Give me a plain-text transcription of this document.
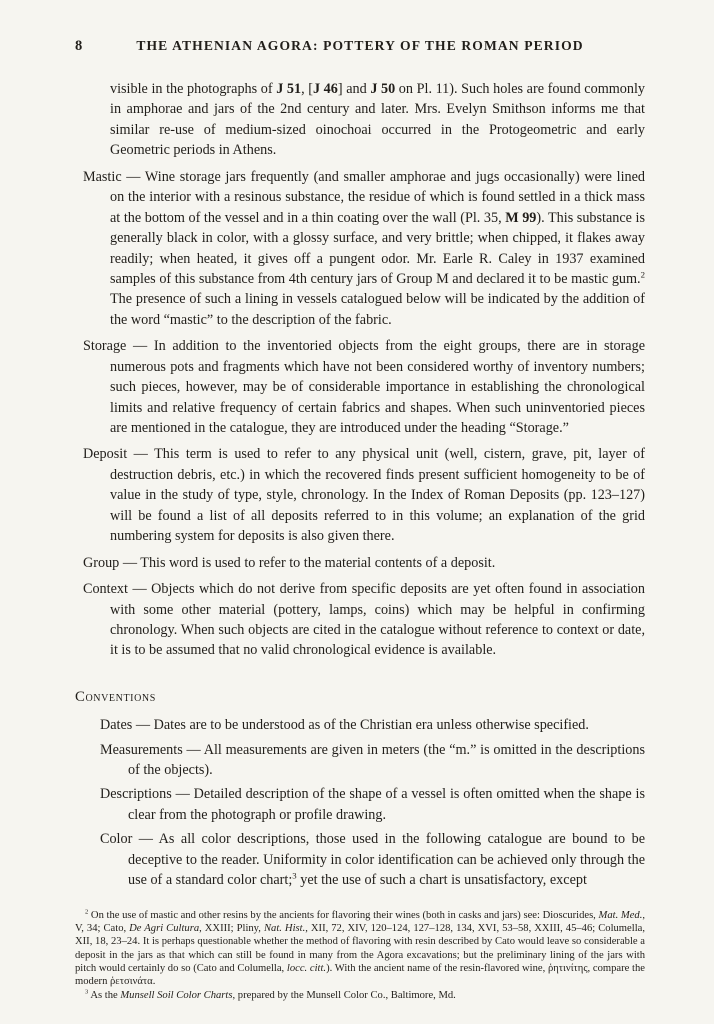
8	THE ATHENIAN AGORA: POTTERY OF THE ROMAN PERIOD

visible in the photographs of J 51, [J 46] and J 50 on Pl. 11). Such holes are found commonly in amphorae and jars of the 2nd century and later. Mrs. Evelyn Smithson informs me that similar re-use of medium-sized oinochoai occurred in the Protogeometric and early Geometric periods in Athens.

Mastic — Wine storage jars frequently (and smaller amphorae and jugs occasionally) were lined on the interior with a resinous substance, the residue of which is found settled in a thick mass at the bottom of the vessel and in a thin coating over the wall (Pl. 35, M 99). This substance is generally black in color, with a glossy surface, and very brittle; when chipped, it flakes away readily; when heated, it gives off a pungent odor. Mr. Earle R. Caley in 1937 examined samples of this substance from 4th century jars of Group M and declared it to be mastic gum.$^2$ The presence of such a lining in vessels catalogued below will be indicated by the addition of the word “mastic” to the description of the fabric.

Storage — In addition to the inventoried objects from the eight groups, there are in storage numerous pots and fragments which have not been considered worthy of inventory numbers; such pieces, however, may be of considerable importance in establishing the chronological limits and relative frequency of certain fabrics and shapes. When such uninventoried pieces are mentioned in the catalogue, they are introduced under the heading “Storage.”

Deposit — This term is used to refer to any physical unit (well, cistern, grave, pit, layer of destruction debris, etc.) in which the recovered finds present sufficient homogeneity to be of value in the study of type, style, chronology. In the Index of Roman Deposits (pp. 123–127) will be found a list of all deposits referred to in this volume; an explanation of the grid numbering system for deposits is also given there.

Group — This word is used to refer to the material contents of a deposit.

Context — Objects which do not derive from specific deposits are yet often found in association with some other material (pottery, lamps, coins) which may be helpful in confirming chronology. When such objects are cited in the catalogue without reference to context or date, it is to be assumed that no valid chronological evidence is available.

Conventions

Dates — Dates are to be understood as of the Christian era unless otherwise specified.

Measurements — All measurements are given in meters (the “m.” is omitted in the descriptions of the objects).

Descriptions — Detailed description of the shape of a vessel is often omitted when the shape is clear from the photograph or profile drawing.

Color — As all color descriptions, those used in the following catalogue are bound to be deceptive to the reader. Uniformity in color identification can be achieved only through the use of a standard color chart;$^3$ yet the use of such a chart is unsatisfactory, except

$^2$ On the use of mastic and other resins by the ancients for flavoring their wines (both in casks and jars) see: Dioscurides, Mat. Med., V, 34; Cato, De Agri Cultura, XXIII; Pliny, Nat. Hist., XII, 72, XIV, 120–124, 127–128, 134, XVI, 53–58, XXIII, 45–46; Columella, XII, 18, 23–24. It is perhaps questionable whether the method of flavoring with resin described by Cato would leave so considerable a deposit in the jars as that which can still be found in many from the Agora excavations; but the preliminary lining of the jars with pitch would certainly do so (Cato and Columella, locc. citt.). With the ancient name of the resin-flavored wine, ῥητινίτης, compare the modern ῥετσινάτα.

$^3$ As the Munsell Soil Color Charts, prepared by the Munsell Color Co., Baltimore, Md.
